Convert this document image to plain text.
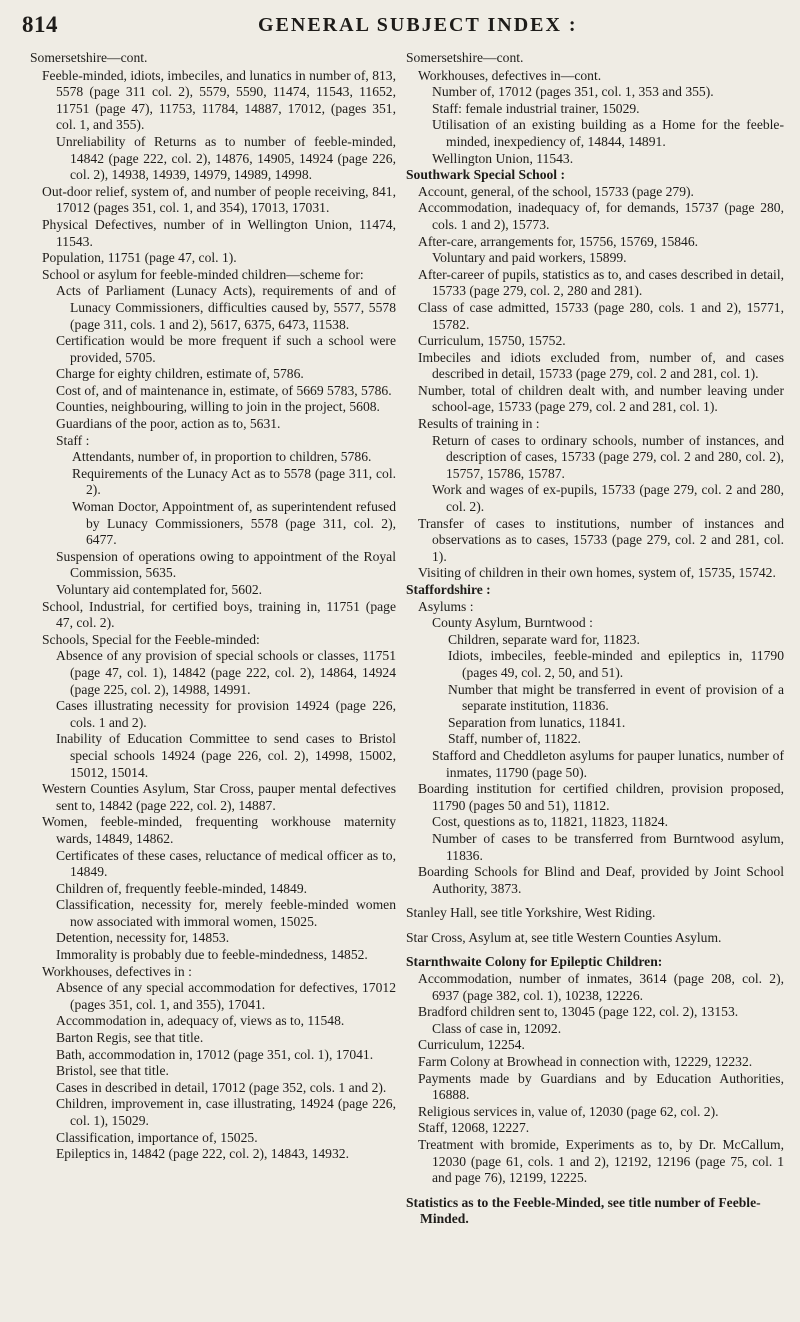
814	GENERAL SUBJECT INDEX :
Somersetshire—cont.
Feeble-minded, idiots, imbeciles, and lunatics in number of, 813, 5578 (page 311 col. 2), 5579, 5590, 11474, 11543, 11652, 11751 (page 47), 11753, 11784, 14887, 17012, (pages 351, col. 1, and 355).
Unreliability of Returns as to number of feeble-minded, 14842 (page 222, col. 2), 14876, 14905, 14924 (page 226, col. 2), 14938, 14939, 14979, 14989, 14998.
Out-door relief, system of, and number of people receiving, 841, 17012 (pages 351, col. 1, and 354), 17013, 17031.
Physical Defectives, number of in Wellington Union, 11474, 11543.
Population, 11751 (page 47, col. 1).
School or asylum for feeble-minded children—scheme for:
Acts of Parliament (Lunacy Acts), requirements of and of Lunacy Commissioners, difficulties caused by, 5577, 5578 (page 311, cols. 1 and 2), 5617, 6375, 6473, 11538.
Certification would be more frequent if such a school were provided, 5705.
Charge for eighty children, estimate of, 5786.
Cost of, and of maintenance in, estimate, of 5669 5783, 5786.
Counties, neighbouring, willing to join in the project, 5608.
Guardians of the poor, action as to, 5631.
Staff :
Attendants, number of, in proportion to children, 5786.
Requirements of the Lunacy Act as to 5578 (page 311, col. 2).
Woman Doctor, Appointment of, as superintendent refused by Lunacy Commissioners, 5578 (page 311, col. 2), 6477.
Suspension of operations owing to appointment of the Royal Commission, 5635.
Voluntary aid contemplated for, 5602.
School, Industrial, for certified boys, training in, 11751 (page 47, col. 2).
Schools, Special for the Feeble-minded:
Absence of any provision of special schools or classes, 11751 (page 47, col. 1), 14842 (page 222, col. 2), 14864, 14924 (page 225, col. 2), 14988, 14991.
Cases illustrating necessity for provision 14924 (page 226, cols. 1 and 2).
Inability of Education Committee to send cases to Bristol special schools 14924 (page 226, col. 2), 14998, 15002, 15012, 15014.
Western Counties Asylum, Star Cross, pauper mental defectives sent to, 14842 (page 222, col. 2), 14887.
Women, feeble-minded, frequenting workhouse maternity wards, 14849, 14862.
Certificates of these cases, reluctance of medical officer as to, 14849.
Children of, frequently feeble-minded, 14849.
Classification, necessity for, merely feeble-minded women now associated with immoral women, 15025.
Detention, necessity for, 14853.
Immorality is probably due to feeble-mindedness, 14852.
Workhouses, defectives in :
Absence of any special accommodation for defectives, 17012 (pages 351, col. 1, and 355), 17041.
Accommodation in, adequacy of, views as to, 11548.
Barton Regis, see that title.
Bath, accommodation in, 17012 (page 351, col. 1), 17041.
Bristol, see that title.
Cases in described in detail, 17012 (page 352, cols. 1 and 2).
Children, improvement in, case illustrating, 14924 (page 226, col. 1), 15029.
Classification, importance of, 15025.
Epileptics in, 14842 (page 222, col. 2), 14843, 14932.
Somersetshire—cont.
Workhouses, defectives in—cont.
Number of, 17012 (pages 351, col. 1, 353 and 355).
Staff: female industrial trainer, 15029.
Utilisation of an existing building as a Home for the feeble-minded, inexpediency of, 14844, 14891.
Wellington Union, 11543.
Southwark Special School :
Account, general, of the school, 15733 (page 279).
Accommodation, inadequacy of, for demands, 15737 (page 280, cols. 1 and 2), 15773.
After-care, arrangements for, 15756, 15769, 15846.
Voluntary and paid workers, 15899.
After-career of pupils, statistics as to, and cases described in detail, 15733 (page 279, col. 2, 280 and 281).
Class of case admitted, 15733 (page 280, cols. 1 and 2), 15771, 15782.
Curriculum, 15750, 15752.
Imbeciles and idiots excluded from, number of, and cases described in detail, 15733 (page 279, col. 2 and 281, col. 1).
Number, total of children dealt with, and number leaving under school-age, 15733 (page 279, col. 2 and 281, col. 1).
Results of training in :
Return of cases to ordinary schools, number of instances, and description of cases, 15733 (page 279, col. 2 and 280, col. 2), 15757, 15786, 15787.
Work and wages of ex-pupils, 15733 (page 279, col. 2 and 280, col. 2).
Transfer of cases to institutions, number of instances and observations as to cases, 15733 (page 279, col. 2 and 281, col. 1).
Visiting of children in their own homes, system of, 15735, 15742.
Staffordshire :
Asylums :
County Asylum, Burntwood :
Children, separate ward for, 11823.
Idiots, imbeciles, feeble-minded and epileptics in, 11790 (pages 49, col. 2, 50, and 51).
Number that might be transferred in event of provision of a separate institution, 11836.
Separation from lunatics, 11841.
Staff, number of, 11822.
Stafford and Cheddleton asylums for pauper lunatics, number of inmates, 11790 (page 50).
Boarding institution for certified children, provision proposed, 11790 (pages 50 and 51), 11812.
Cost, questions as to, 11821, 11823, 11824.
Number of cases to be transferred from Burntwood asylum, 11836.
Boarding Schools for Blind and Deaf, provided by Joint School Authority, 3873.
Stanley Hall, see title Yorkshire, West Riding.
Star Cross, Asylum at, see title Western Counties Asylum.
Starnthwaite Colony for Epileptic Children:
Accommodation, number of inmates, 3614 (page 208, col. 2), 6937 (page 382, col. 1), 10238, 12226.
Bradford children sent to, 13045 (page 122, col. 2), 13153.
Class of case in, 12092.
Curriculum, 12254.
Farm Colony at Browhead in connection with, 12229, 12232.
Payments made by Guardians and by Education Authorities, 16888.
Religious services in, value of, 12030 (page 62, col. 2).
Staff, 12068, 12227.
Treatment with bromide, Experiments as to, by Dr. McCallum, 12030 (page 61, cols. 1 and 2), 12192, 12196 (page 75, col. 1 and page 76), 12199, 12225.
Statistics as to the Feeble-Minded, see title number of Feeble-Minded.
